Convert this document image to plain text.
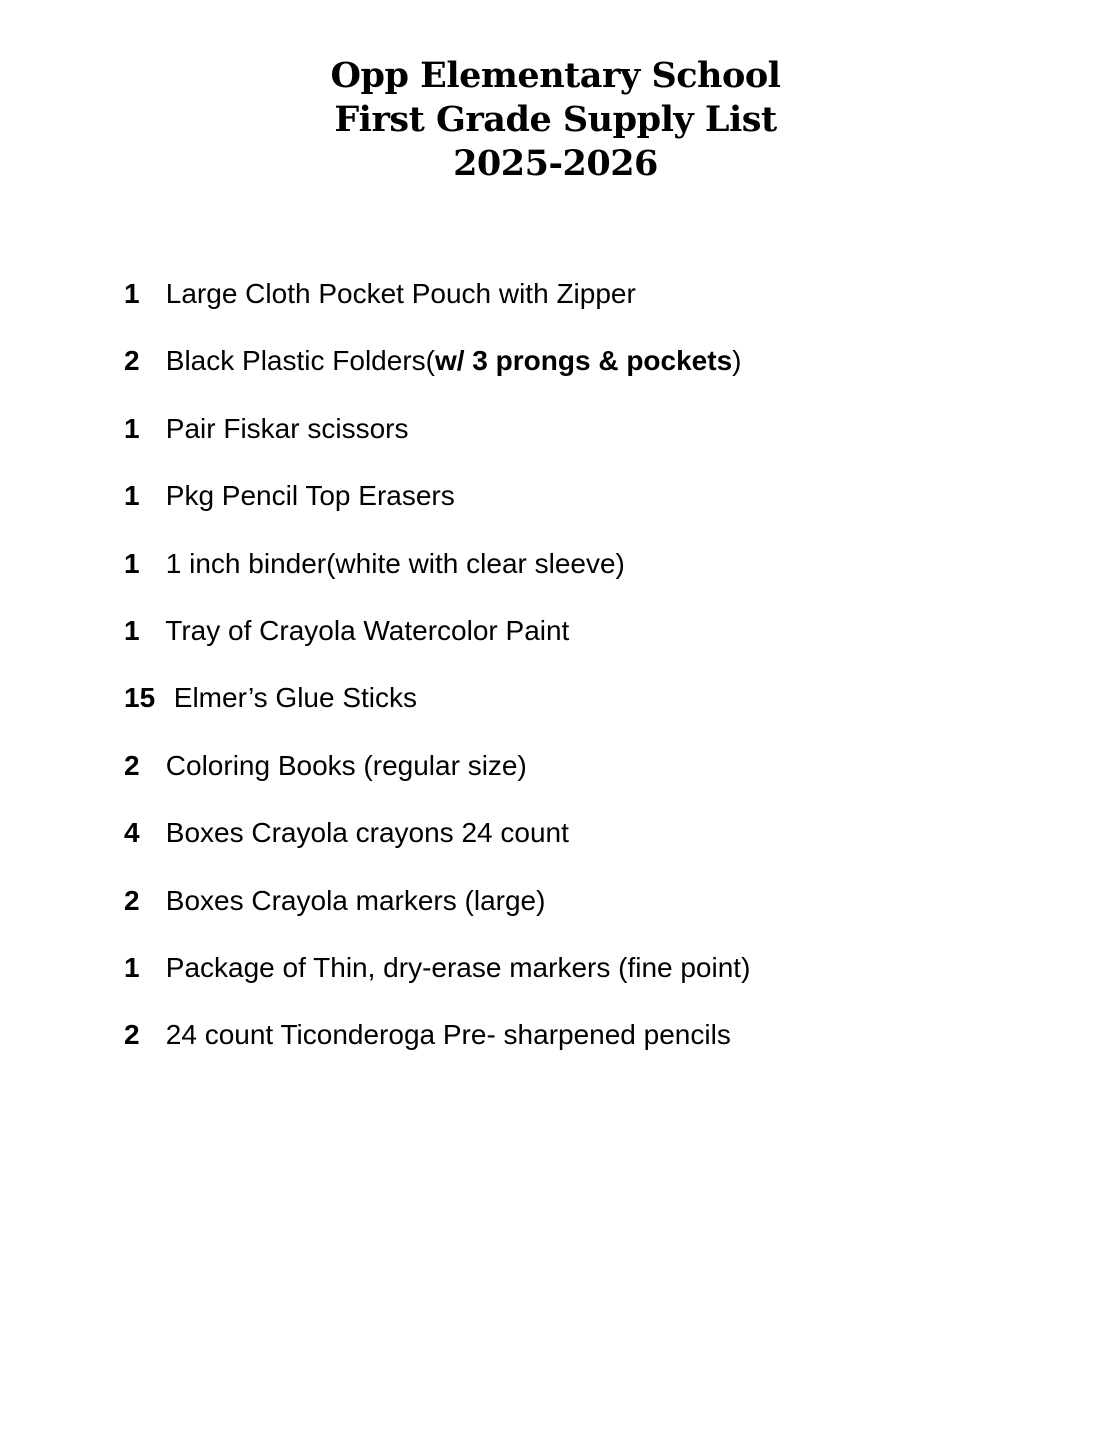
Opp Elementary School
First Grade Supply List
2025-2026
1 Large Cloth Pocket Pouch with Zipper
2 Black Plastic Folders(w/ 3 prongs & pockets)
1 Pair Fiskar scissors
1 Pkg Pencil Top Erasers
1 1 inch binder(white with clear sleeve)
1 Tray of Crayola Watercolor Paint
15 Elmer’s Glue Sticks
2 Coloring Books (regular size)
4 Boxes Crayola crayons 24 count
2 Boxes Crayola markers (large)
1 Package of Thin, dry-erase markers (fine point)
2 24 count Ticonderoga Pre- sharpened pencils
